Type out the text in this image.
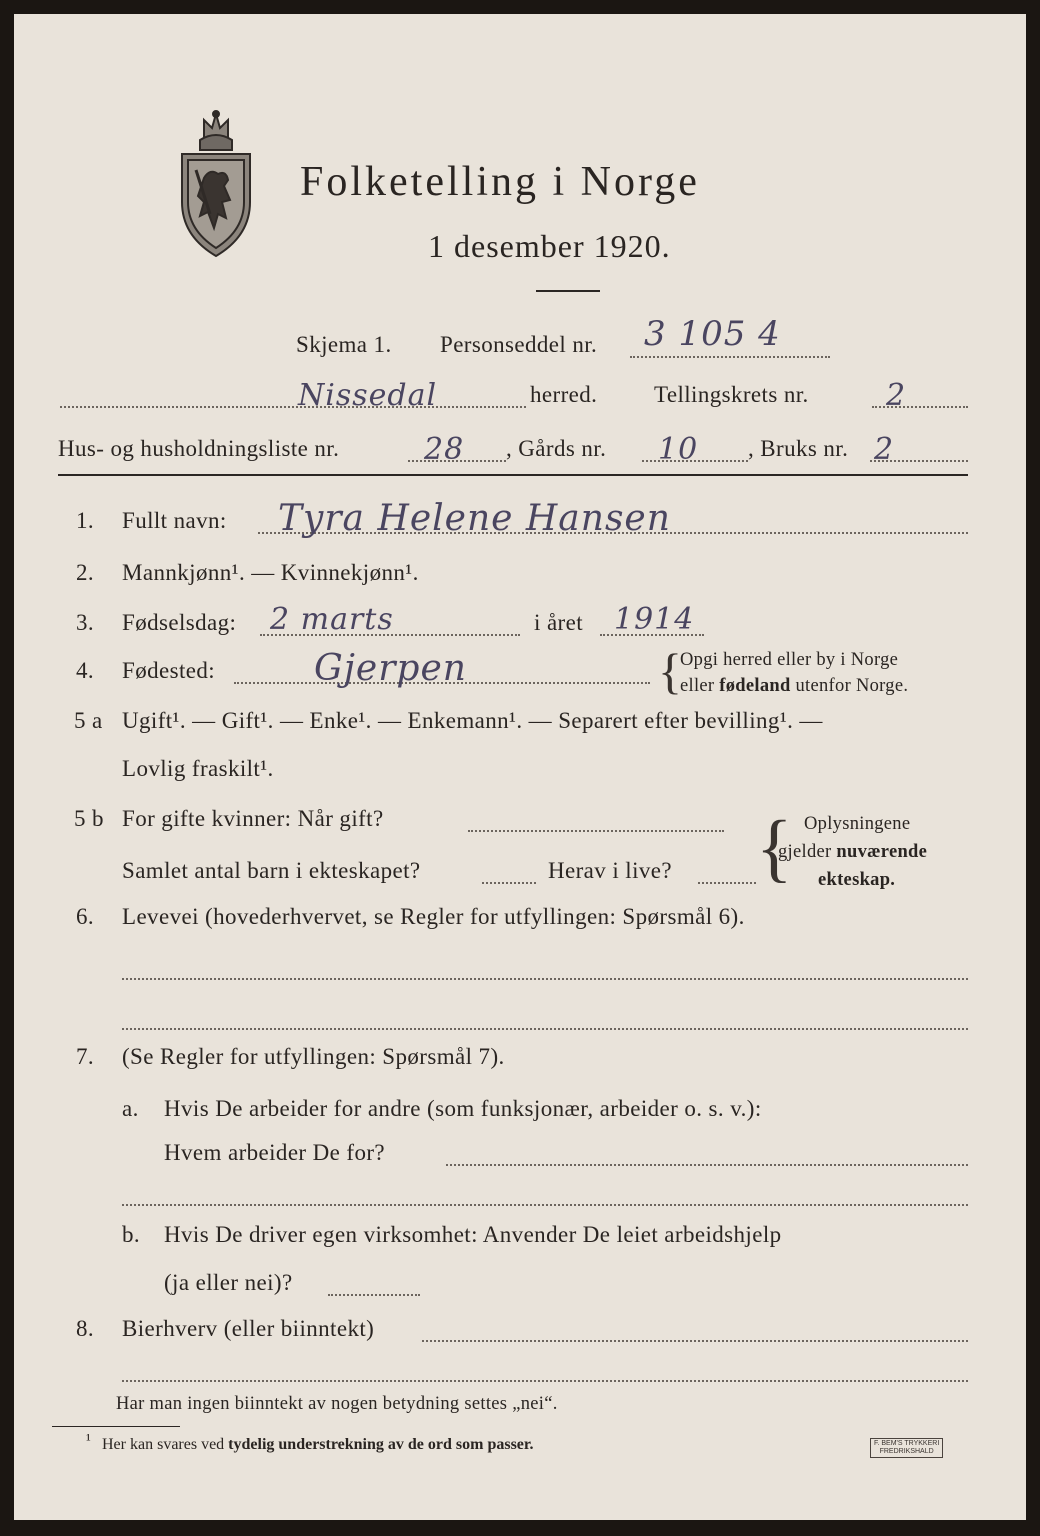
Folketelling i Norge
1 desember 1920.
Skjema 1. Personseddel nr. 3 105 4
Nissedal	herred. Tellingskrets nr.	2
Hus- og husholdningsliste nr.	28 , Gårds nr. 10 , Bruks nr. 2
1. Fullt navn: Tyra Helene Hansen
2. Mannkjønn¹. — Kvinnekjønn¹.
3. Fødselsdag: 2 marts	i året 1914
4. Fødested:	Gjerpen	{
Opgi herred eller by i Norge
eller fødeland utenfor Norge.
5 a Ugift¹. — Gift¹. — Enke¹. — Enkemann¹. — Separert efter bevilling¹. —
Lovlig fraskilt¹.
5 b For gifte kvinner: Når gift?
Samlet antal barn i ekteskapet?	Herav i live? { Oplysningene
gjelder nuværende
ekteskap.
6. Levevei (hovederhvervet, se Regler for utfyllingen: Spørsmål 6).
7. (Se Regler for utfyllingen: Spørsmål 7).
a. Hvis De arbeider for andre (som funksjonær, arbeider o. s. v.):
Hvem arbeider De for?
b. Hvis De driver egen virksomhet: Anvender De leiet arbeidshjelp
(ja eller nei)?
8. Bierhverv (eller biinntekt)
Har man ingen biinntekt av nogen betydning settes „nei“.
¹ Her kan svares ved tydelig understrekning av de ord som passer.	F. BEM'S TRYKKERI
FREDRIKSHALD
